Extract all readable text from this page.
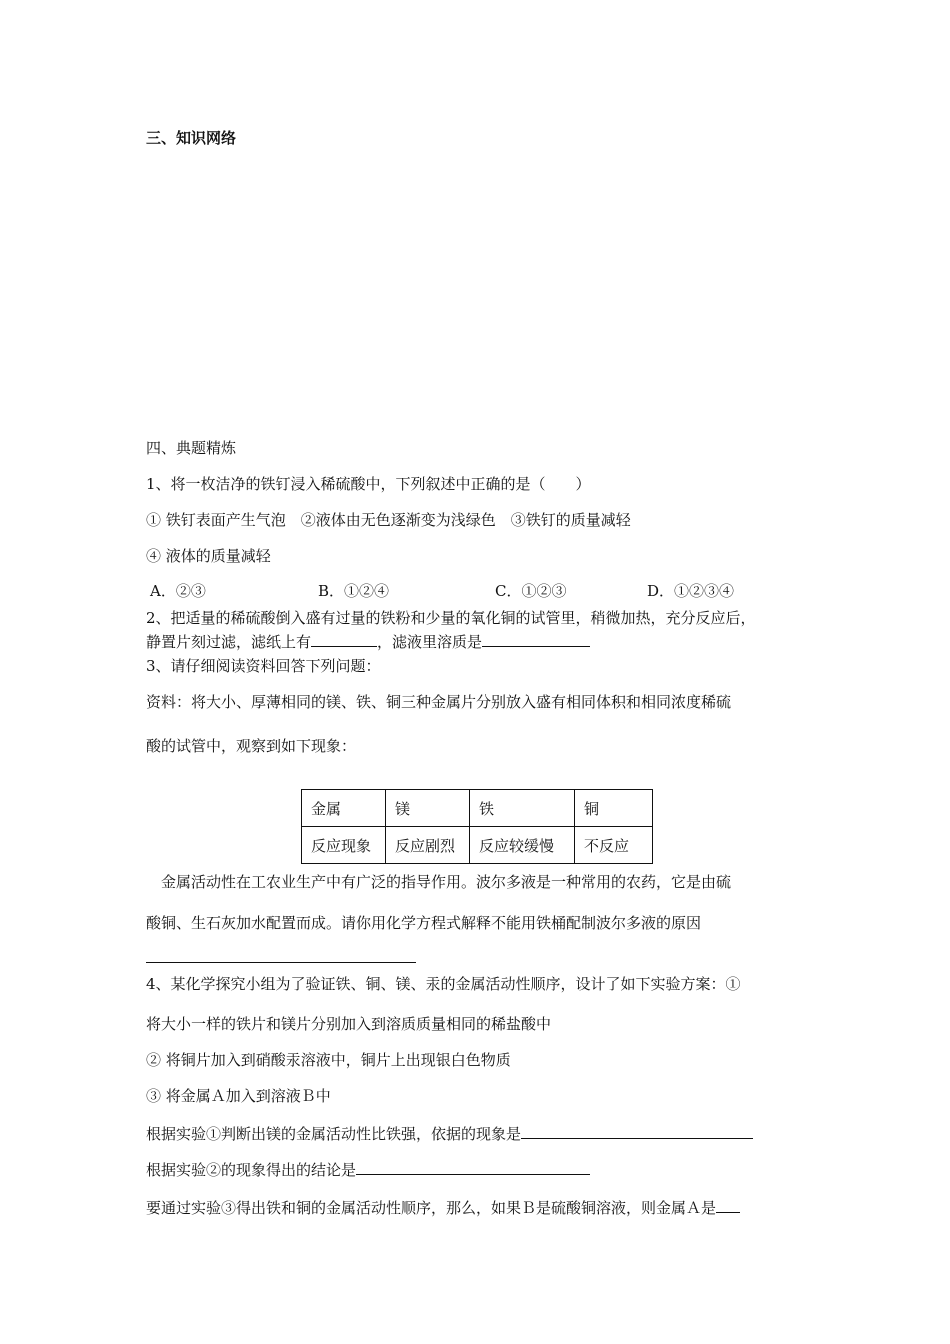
三、知识网络
四、典题精炼
1、将一枚洁净的铁钉浸入稀硫酸中，下列叙述中正确的是（　　）
① 铁钉表面产生气泡　②液体由无色逐渐变为浅绿色　③铁钉的质量减轻
④ 液体的质量减轻
A．②③	B．①②④	C．①②③	D．①②③④
2、把适量的稀硫酸倒入盛有过量的铁粉和少量的氧化铜的试管里，稍微加热，充分反应后，
静置片刻过滤，滤纸上有	，滤液里溶质是
3、请仔细阅读资料回答下列问题：
资料：将大小、厚薄相同的镁、铁、铜三种金属片分别放入盛有相同体积和相同浓度稀硫
酸的试管中，观察到如下现象：
金属	镁	铁	铜
反应现象	反应剧烈	反应较缓慢	不反应
金属活动性在工农业生产中有广泛的指导作用。波尔多液是一种常用的农药，它是由硫
酸铜、生石灰加水配置而成。请你用化学方程式解释不能用铁桶配制波尔多液的原因
4、某化学探究小组为了验证铁、铜、镁、汞的金属活动性顺序，设计了如下实验方案：①
将大小一样的铁片和镁片分别加入到溶质质量相同的稀盐酸中
② 将铜片加入到硝酸汞溶液中，铜片上出现银白色物质
③ 将金属Ａ加入到溶液Ｂ中
根据实验①判断出镁的金属活动性比铁强，依据的现象是
根据实验②的现象得出的结论是
要通过实验③得出铁和铜的金属活动性顺序，那么，如果Ｂ是硫酸铜溶液，则金属Ａ是
